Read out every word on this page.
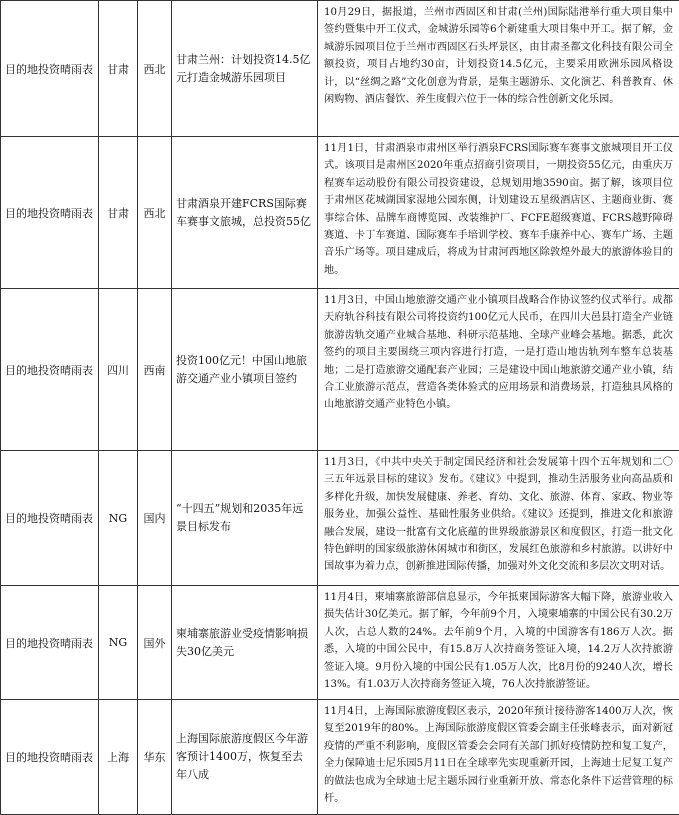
目的地投资晴雨表	甘肃	西北	甘肃兰州：计划投资14.5亿元打造金城游乐园项目	10月29日，据报道，兰州市西固区和甘肃(兰州)国际陆港举行重大项目集中签约暨集中开工仪式，金城游乐园等6个新建重大项目集中开工。据了解，金城游乐园项目位于兰州市西固区石头坪景区，由甘肃圣都文化科技有限公司全额投资，项目占地约30亩，计划投资14.5亿元，主要采用欧洲乐园风格设计，以“丝绸之路”文化创意为背景，是集主题游乐、文化演艺、科普教育、休闲购物、酒店餐饮、养生度假六位于一体的综合性创新文化乐园。
目的地投资晴雨表	甘肃	西北	甘肃酒泉开建FCRS国际赛车赛事文旅城，总投资55亿	11月1日，甘肃酒泉市肃州区举行酒泉FCRS国际赛车赛事文旅城项目开工仪式。该项目是肃州区2020年重点招商引资项目，一期投资55亿元，由重庆万程赛车运动股份有限公司投资建设，总规划用地3590亩。据了解，该项目位于肃州区花城湖国家湿地公园东侧，计划建设五星级酒店区、主题商业街、赛事综合体、品牌车商博览园、改装维护厂、FCFE超级赛道、FCRS越野障碍赛道、卡丁车赛道、国际赛车手培训学校、赛车手康养中心、赛车广场、主题音乐广场等。项目建成后，将成为甘肃河西地区除敦煌外最大的旅游体验目的地。
目的地投资晴雨表	四川	西南	投资100亿元！中国山地旅游交通产业小镇项目签约	11月3日，中国山地旅游交通产业小镇项目战略合作协议签约仪式举行。成都天府轨谷科技有限公司将投资约100亿元人民币，在四川大邑县打造全产业链旅游齿轨交通产业城合基地、科研示范基地、全球产业峰会基地。据悉，此次签约的项目主要围绕三项内容进行打造，一是打造山地齿轨列车整车总装基地；二是打造旅游交通配套产业园；三是建设中国山地旅游交通产业小镇，结合工业旅游示范点，营造各类体验式的应用场景和消费场景，打造独具风格的山地旅游交通产业特色小镇。
目的地投资晴雨表	NG	国内	“十四五”规划和2035年远景目标发布	11月3日，《中共中央关于制定国民经济和社会发展第十四个五年规划和二〇三五年远景目标的建议》发布。《建议》中提到，推动生活服务业向高品质和多样化升级，加快发展健康、养老、育幼、文化、旅游、体育、家政、物业等服务业，加强公益性、基础性服务业供给。《建议》还提到，推进文化和旅游融合发展，建设一批富有文化底蕴的世界级旅游景区和度假区，打造一批文化特色鲜明的国家级旅游休闲城市和街区，发展红色旅游和乡村旅游。以讲好中国故事为着力点，创新推进国际传播，加强对外文化交流和多层次文明对话。
目的地投资晴雨表	NG	国外	柬埔寨旅游业受疫情影响损失30亿美元	11月4日，柬埔寨旅游部信息显示，今年抵柬国际游客大幅下降，旅游业收入损失估计30亿美元。据了解，今年前9个月，入境柬埔寨的中国公民有30.2万人次，占总人数的24%。去年前9个月，入境的中国游客有186万人次。据悉，入境的中国公民中，有15.8万人次持商务签证入境，14.2万人次持旅游签证入境。9月份入境的中国公民有1.05万人次，比8月份的9240人次，增长13%。有1.03万人次持商务签证入境，76人次持旅游签证。
目的地投资晴雨表	上海	华东	上海国际旅游度假区今年游客预计1400万，恢复至去年八成	11月4日，上海国际旅游度假区表示，2020年预计接待游客1400万人次，恢复至2019年的80%。上海国际旅游度假区管委会副主任张峰表示，面对新冠疫情的严重不利影响，度假区管委会会同有关部门抓好疫情防控和复工复产，全力保障迪士尼乐园5月11日在全球率先实现重新开园，上海迪士尼复工复产的做法也成为全球迪士尼主题乐园行业重新开放、常态化条件下运营管理的标杆。
